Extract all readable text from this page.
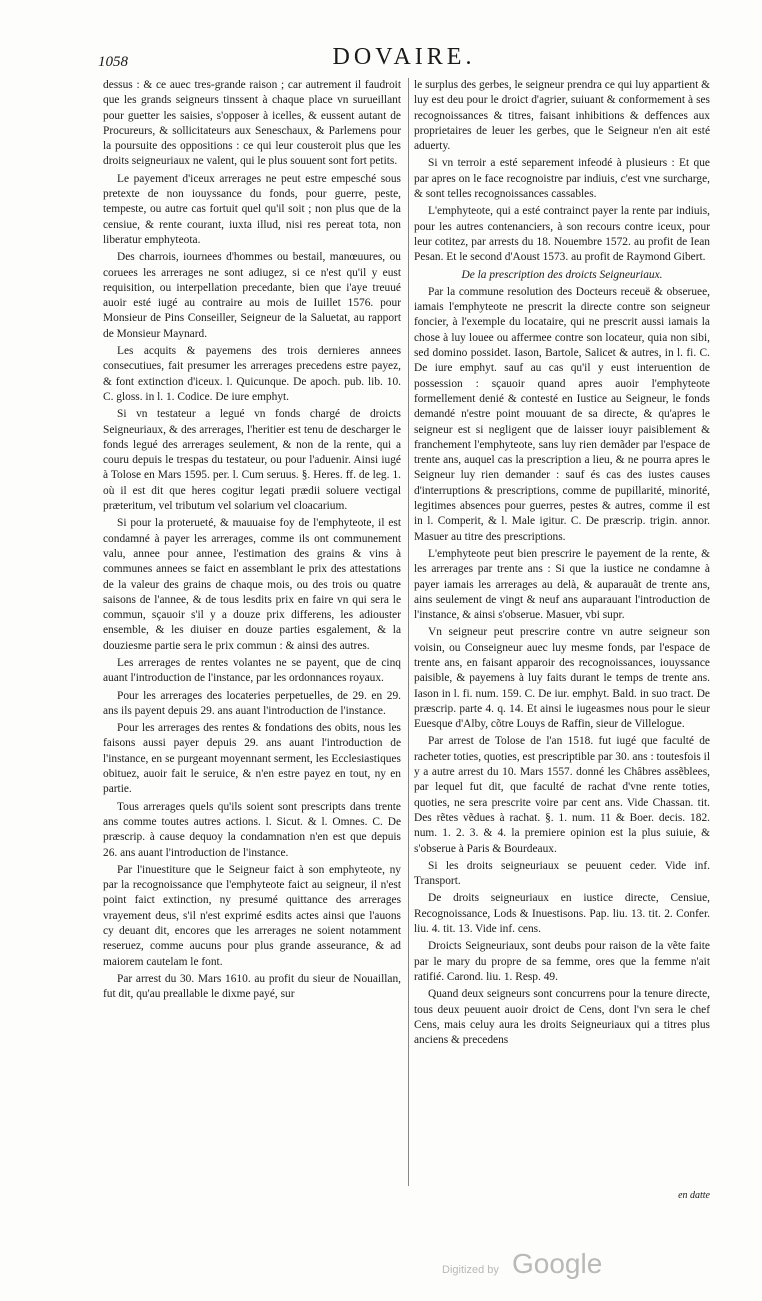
1058	DOVAIRE.

dessus : & ce auec tres-grande raison ; car autrement il faudroit que les grands seigneurs tinssent à chaque place vn surueillant pour guetter les saisies, s'opposer à icelles, & eussent autant de Procureurs, & sollicitateurs aux Seneschaux, & Parlemens pour la poursuite des oppositions : ce qui leur cousteroit plus que les droits seigneuriaux ne valent, qui le plus souuent sont fort petits.

Le payement d'iceux arrerages ne peut estre empesché sous pretexte de non iouyssance du fonds, pour guerre, peste, tempeste, ou autre cas fortuit quel qu'il soit ; non plus que de la censiue, & rente courant, iuxta illud, nisi res pereat tota, non liberatur emphyteota.

Des charrois, iournees d'hommes ou bestail, manœuures, ou coruees les arrerages ne sont adiugez, si ce n'est qu'il y eust requisition, ou interpellation precedante, bien que i'aye treuué auoir esté iugé au contraire au mois de Iuillet 1576. pour Monsieur de Pins Conseiller, Seigneur de la Saluetat, au rapport de Monsieur Maynard.

Les acquits & payemens des trois dernieres annees consecutiues, fait presumer les arrerages precedens estre payez, & font extinction d'iceux. l. Quicunque. De apoch. pub. lib. 10. C. gloss. in l. 1. Codice. De iure emphyt.

Si vn testateur a legué vn fonds chargé de droicts Seigneuriaux, & des arrerages, l'heritier est tenu de descharger le fonds legué des arrerages seulement, & non de la rente, qui a couru depuis le trespas du testateur, ou pour l'aduenir. Ainsi iugé à Tolose en Mars 1595. per. l. Cum seruus. §. Heres. ff. de leg. 1. où il est dit que heres cogitur legati prædii soluere vectigal præteritum, vel tributum vel solarium vel cloacarium.

Si pour la proterueté, & mauuaise foy de l'emphyteote, il est condamné à payer les arrerages, comme ils ont communement valu, annee pour annee, l'estimation des grains & vins à communes annees se faict en assemblant le prix des attestations de la valeur des grains de chaque mois, ou des trois ou quatre saisons de l'annee, & de tous lesdits prix en faire vn qui sera le commun, sçauoir s'il y a douze prix differens, les adiouster ensemble, & les diuiser en douze parties esgalement, & la douziesme partie sera le prix commun : & ainsi des autres.

Les arrerages de rentes volantes ne se payent, que de cinq auant l'introduction de l'instance, par les ordonnances royaux.

Pour les arrerages des locateries perpetuelles, de 29. en 29. ans ils payent depuis 29. ans auant l'introduction de l'instance.

Pour les arrerages des rentes & fondations des obits, nous les faisons aussi payer depuis 29. ans auant l'introduction de l'instance, en se purgeant moyennant serment, les Ecclesiastiques obituez, auoir fait le seruice, & n'en estre payez en tout, ny en partie.

Tous arrerages quels qu'ils soient sont prescripts dans trente ans comme toutes autres actions. l. Sicut. & l. Omnes. C. De præscrip. à cause dequoy la condamnation n'en est que depuis 26. ans auant l'introduction de l'instance.

Par l'inuestiture que le Seigneur faict à son emphyteote, ny par la recognoissance que l'emphyteote faict au seigneur, il n'est point faict extinction, ny presumé quittance des arrerages vrayement deus, s'il n'est exprimé esdits actes ainsi que l'auons cy deuant dit, encores que les arrerages ne soient notamment reseruez, comme aucuns pour plus grande asseurance, & ad maiorem cautelam le font.

Par arrest du 30. Mars 1610. au profit du sieur de Nouaillan, fut dit, qu'au preallable le dixme payé, sur

le surplus des gerbes, le seigneur prendra ce qui luy appartient & luy est deu pour le droict d'agrier, suiuant & conformement à ses recognoissances & titres, faisant inhibitions & deffences aux proprietaires de leuer les gerbes, que le Seigneur n'en ait esté aduerty.

Si vn terroir a esté separement infeodé à plusieurs : Et que par apres on le face recognoistre par indiuis, c'est vne surcharge, & sont telles recognoissances cassables.

L'emphyteote, qui a esté contrainct payer la rente par indiuis, pour les autres contenanciers, à son recours contre iceux, pour leur cotitez, par arrests du 18. Nouembre 1572. au profit de Iean Pesan. Et le second d'Aoust 1573. au profit de Raymond Gibert.

De la prescription des droicts Seigneuriaux.

Par la commune resolution des Docteurs receuë & obseruee, iamais l'emphyteote ne prescrit la directe contre son seigneur foncier, à l'exemple du locataire, qui ne prescrit aussi iamais la chose à luy louee ou affermee contre son locateur, quia non sibi, sed domino possidet. Iason, Bartole, Salicet & autres, in l. fi. C. De iure emphyt. sauf au cas qu'il y eust interuention de possession : sçauoir quand apres auoir l'emphyteote formellement denié & contesté en Iustice au Seigneur, le fonds demandé n'estre point mouuant de sa directe, & qu'apres le seigneur est si negligent que de laisser iouyr paisiblement & franchement l'emphyteote, sans luy rien demãder par l'espace de trente ans, auquel cas la prescription a lieu, & ne pourra apres le Seigneur luy rien demander : sauf és cas des iustes causes d'interruptions & prescriptions, comme de pupillarité, minorité, legitimes absences pour guerres, pestes & autres, comme il est in l. Comperit, & l. Male igitur. C. De præscrip. trigin. annor. Masuer au titre des prescriptions.

L'emphyteote peut bien prescrire le payement de la rente, & les arrerages par trente ans : Si que la iustice ne condamne à payer iamais les arrerages au delà, & auparauãt de trente ans, ains seulement de vingt & neuf ans auparauant l'introduction de l'instance, & ainsi s'obserue. Masuer, vbi supr.

Vn seigneur peut prescrire contre vn autre seigneur son voisin, ou Conseigneur auec luy mesme fonds, par l'espace de trente ans, en faisant apparoir des recognoissances, iouyssance paisible, & payemens à luy faits durant le temps de trente ans. Iason in l. fi. num. 159. C. De iur. emphyt. Bald. in suo tract. De præscrip. parte 4. q. 14. Et ainsi le iugeasmes nous pour le sieur Euesque d'Alby, cõtre Louys de Raffin, sieur de Villelogue.

Par arrest de Tolose de l'an 1518. fut iugé que faculté de racheter toties, quoties, est prescriptible par 30. ans : toutesfois il y a autre arrest du 10. Mars 1557. donné les Châbres assẽblees, par lequel fut dit, que faculté de rachat d'vne rente toties, quoties, ne sera prescrite voire par cent ans. Vide Chassan. tit. Des rẽtes vẽdues à rachat. §. 1. num. 11 & Boer. decis. 182. num. 1. 2. 3. & 4. la premiere opinion est la plus suiuie, & s'obserue à Paris & Bourdeaux.

Si les droits seigneuriaux se peuuent ceder. Vide inf. Transport.

De droits seigneuriaux en iustice directe, Censiue, Recognoissance, Lods & Inuestisons. Pap. liu. 13. tit. 2. Confer. liu. 4. tit. 13. Vide inf. cens.

Droicts Seigneuriaux, sont deubs pour raison de la vẽte faite par le mary du propre de sa femme, ores que la femme n'ait ratifié. Carond. liu. 1. Resp. 49.

Quand deux seigneurs sont concurrens pour la tenure directe, tous deux peuuent auoir droict de Cens, dont l'vn sera le chef Cens, mais celuy aura les droits Seigneuriaux qui a titres plus anciens & precedens

en datte
Digitized by Google
